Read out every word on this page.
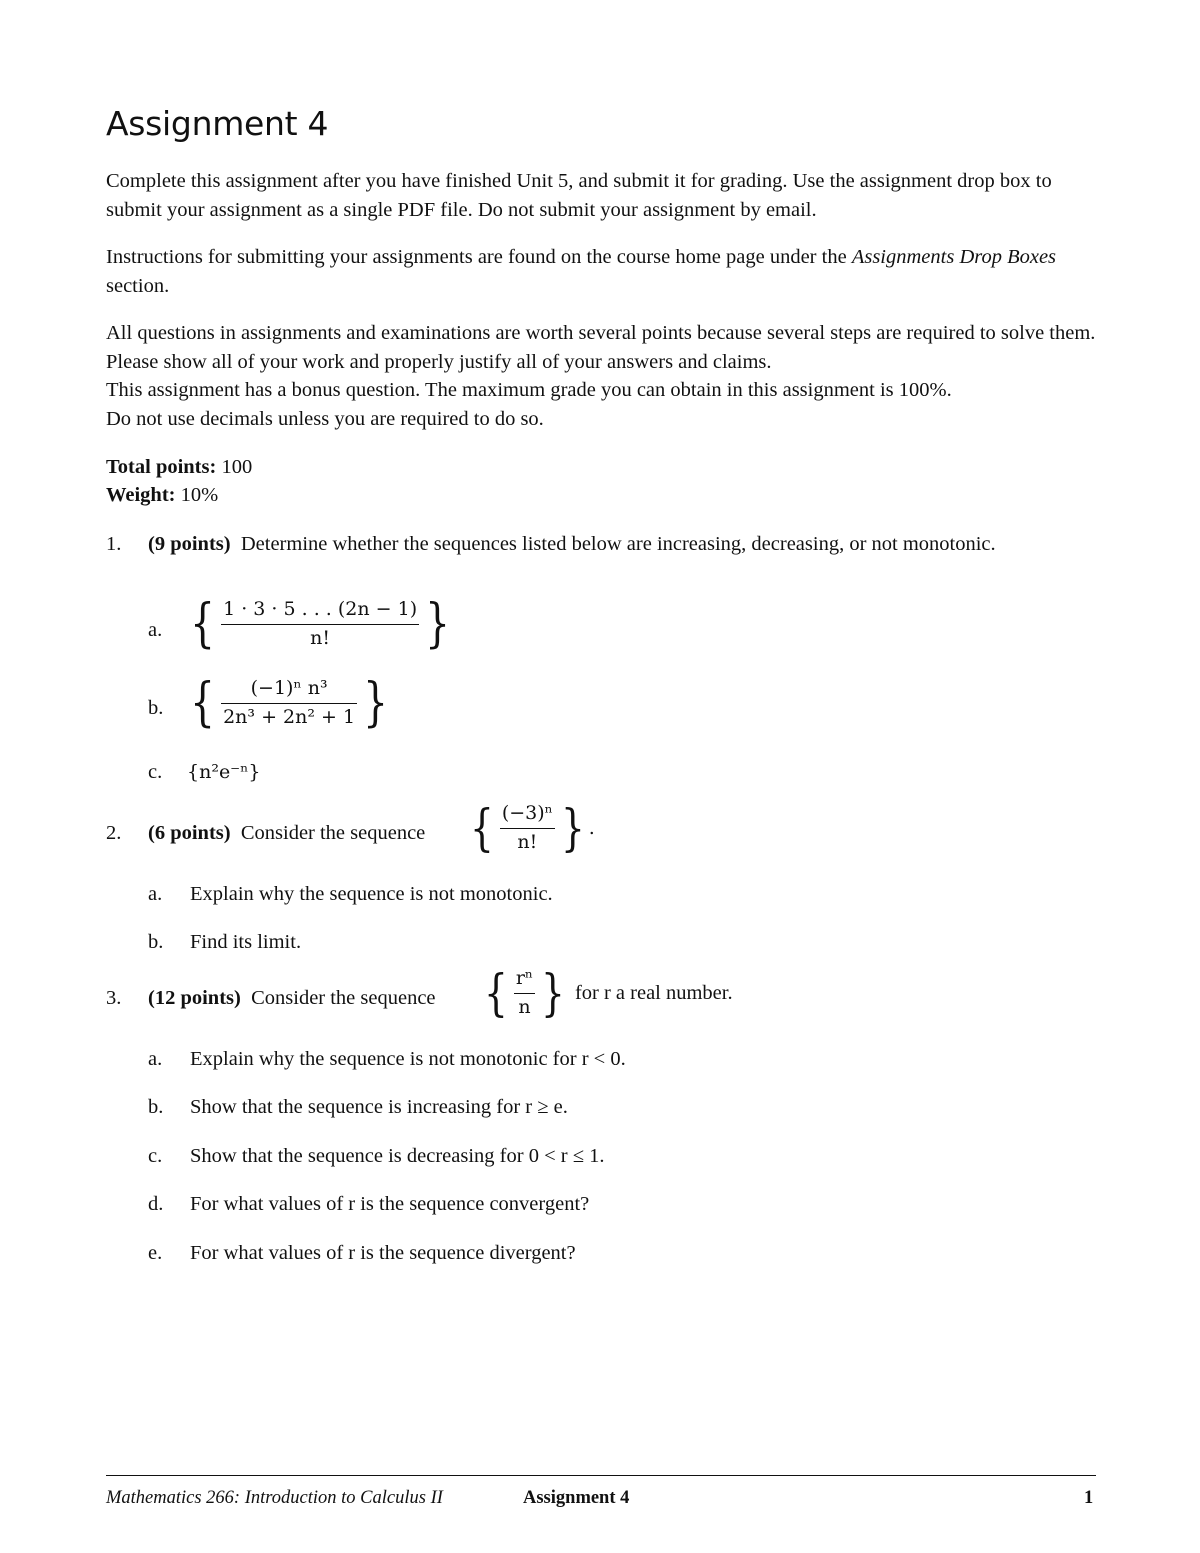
Assignment 4

Complete this assignment after you have finished Unit 5, and submit it for grading. Use the assignment drop box to submit your assignment as a single PDF file. Do not submit your assignment by email.

Instructions for submitting your assignments are found on the course home page under the Assignments Drop Boxes section.

All questions in assignments and examinations are worth several points because several steps are required to solve them. Please show all of your work and properly justify all of your answers and claims.
This assignment has a bonus question. The maximum grade you can obtain in this assignment is 100%.
Do not use decimals unless you are required to do so.
Total points: 100
Weight: 10%
1. (9 points) Determine whether the sequences listed below are increasing, decreasing, or not monotonic.
a. { $\frac{1 \cdot 3 \cdot 5 . . . (2n - 1)}{n!}$ }
b. { $\frac{\text{(−1)ⁿ n³}}{\text{2n³ + 2n² + 1}}$ }
c. {n²e⁻ⁿ}
2. (6 points) Consider the sequence { $\frac{\text{(−3)ⁿ}}{n!}$ } .
a. Explain why the sequence is not monotonic.
b. Find its limit.
3. (12 points) Consider the sequence { $\frac{\text{rⁿ}}{n}$ } for r a real number.
a. Explain why the sequence is not monotonic for r < 0.
b. Show that the sequence is increasing for r ≥ e.
c. Show that the sequence is decreasing for 0 < r ≤ 1.
d. For what values of r is the sequence convergent?
e. For what values of r is the sequence divergent?
Mathematics 266: Introduction to Calculus II	Assignment 4	1
